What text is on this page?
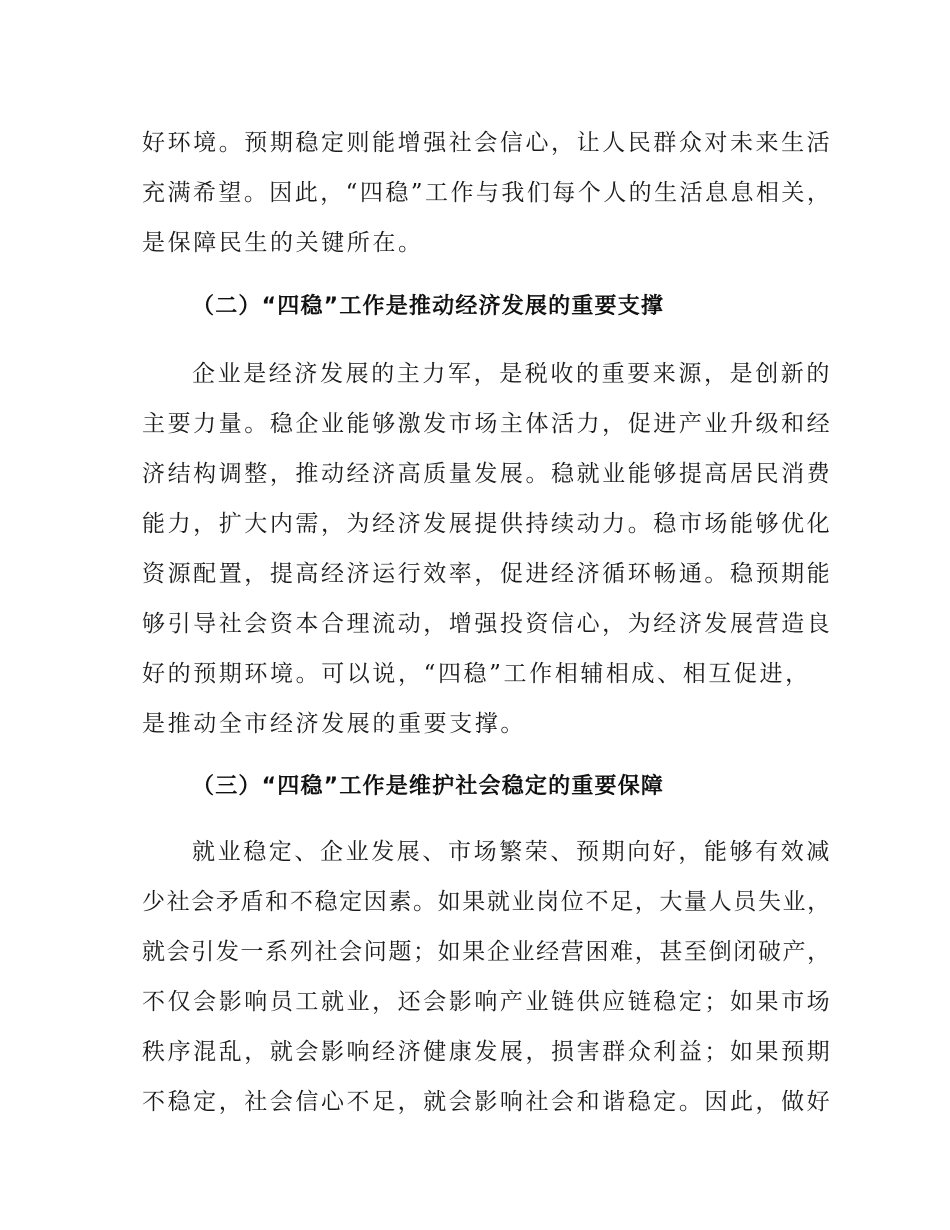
好环境。预期稳定则能增强社会信心，让人民群众对未来生活
充满希望。因此，“四稳”工作与我们每个人的生活息息相关，
是保障民生的关键所在。
（二）“四稳”工作是推动经济发展的重要支撑
企业是经济发展的主力军，是税收的重要来源，是创新的
主要力量。稳企业能够激发市场主体活力，促进产业升级和经
济结构调整，推动经济高质量发展。稳就业能够提高居民消费
能力，扩大内需，为经济发展提供持续动力。稳市场能够优化
资源配置，提高经济运行效率，促进经济循环畅通。稳预期能
够引导社会资本合理流动，增强投资信心，为经济发展营造良
好的预期环境。可以说，“四稳”工作相辅相成、相互促进，
是推动全市经济发展的重要支撑。
（三）“四稳”工作是维护社会稳定的重要保障
就业稳定、企业发展、市场繁荣、预期向好，能够有效减
少社会矛盾和不稳定因素。如果就业岗位不足，大量人员失业，
就会引发一系列社会问题；如果企业经营困难，甚至倒闭破产，
不仅会影响员工就业，还会影响产业链供应链稳定；如果市场
秩序混乱，就会影响经济健康发展，损害群众利益；如果预期
不稳定，社会信心不足，就会影响社会和谐稳定。因此，做好
